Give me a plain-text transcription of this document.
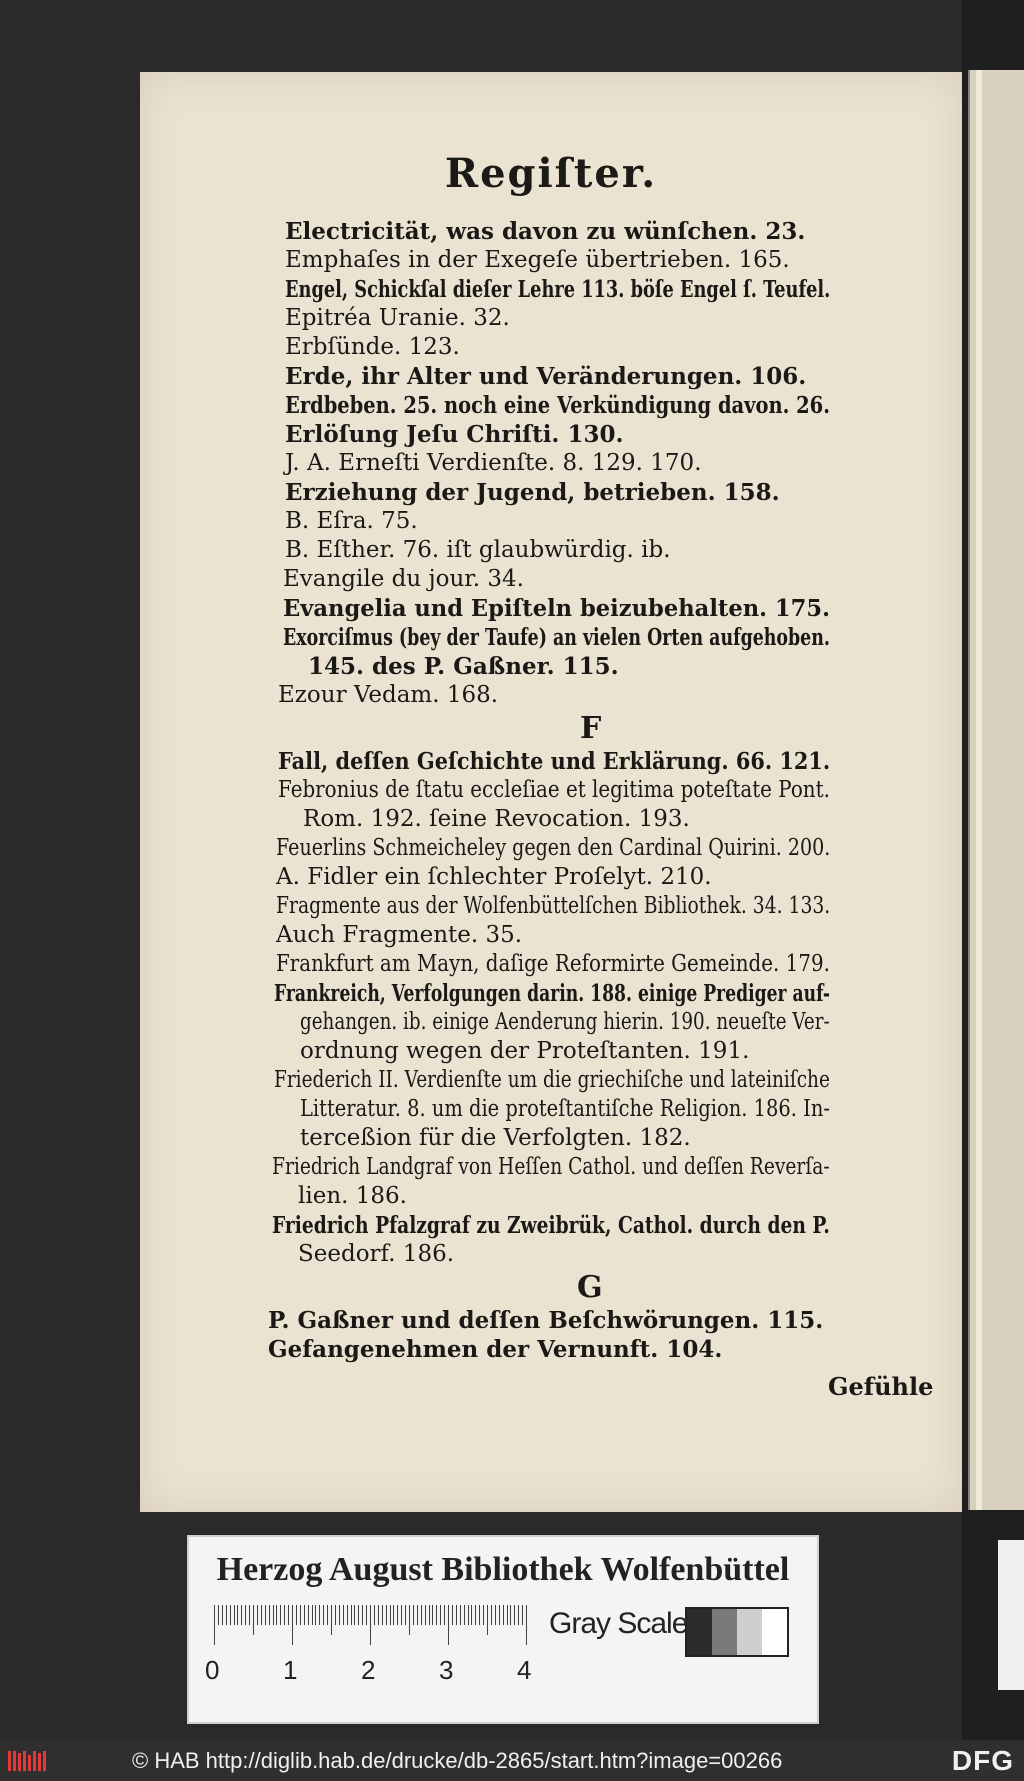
Regiſter.
Electricität, was davon zu wünſchen. 23.
Emphaſes in der Exegeſe übertrieben. 165.
Engel, Schickſal dieſer Lehre 113. böſe Engel ſ. Teufel.
Epitréa Uranie. 32.
Erbſünde. 123.
Erde, ihr Alter und Veränderungen. 106.
Erdbeben. 25. noch eine Verkündigung davon. 26.
Erlöſung Jeſu Chriſti. 130.
J. A. Erneſti Verdienſte. 8. 129. 170.
Erziehung der Jugend, betrieben. 158.
B. Eſra. 75.
B. Eſther. 76. iſt glaubwürdig. ib.
Evangile du jour. 34.
Evangelia und Epiſteln beizubehalten. 175.
Exorciſmus (bey der Taufe) an vielen Orten aufgehoben.
145. des P. Gaßner. 115.
Ezour Vedam. 168.
F
Fall, deſſen Geſchichte und Erklärung. 66. 121.
Febronius de ſtatu eccleſiae et legitima poteſtate Pont.
Rom. 192. ſeine Revocation. 193.
Feuerlins Schmeicheley gegen den Cardinal Quirini. 200.
A. Fidler ein ſchlechter Proſelyt. 210.
Fragmente aus der Wolfenbüttelſchen Bibliothek. 34. 133.
Auch Fragmente. 35.
Frankfurt am Mayn, daſige Reformirte Gemeinde. 179.
Frankreich, Verfolgungen darin. 188. einige Prediger auf-
gehangen. ib. einige Aenderung hierin. 190. neueſte Ver-
ordnung wegen der Proteſtanten. 191.
Friederich II. Verdienſte um die griechiſche und lateiniſche
Litteratur. 8. um die proteſtantiſche Religion. 186. In-
terceßion für die Verfolgten. 182.
Friedrich Landgraf von Heſſen Cathol. und deſſen Reverſa-
lien. 186.
Friedrich Pfalzgraf zu Zweibrük, Cathol. durch den P.
Seedorf. 186.
G
P. Gaßner und deſſen Beſchwörungen. 115.
Gefangenehmen der Vernunft. 104.
Gefühle
Herzog August Bibliothek Wolfenbüttel
0 1 2 3 4
Gray Scale
© HAB http://diglib.hab.de/drucke/db-2865/start.htm?image=00266	DFG
